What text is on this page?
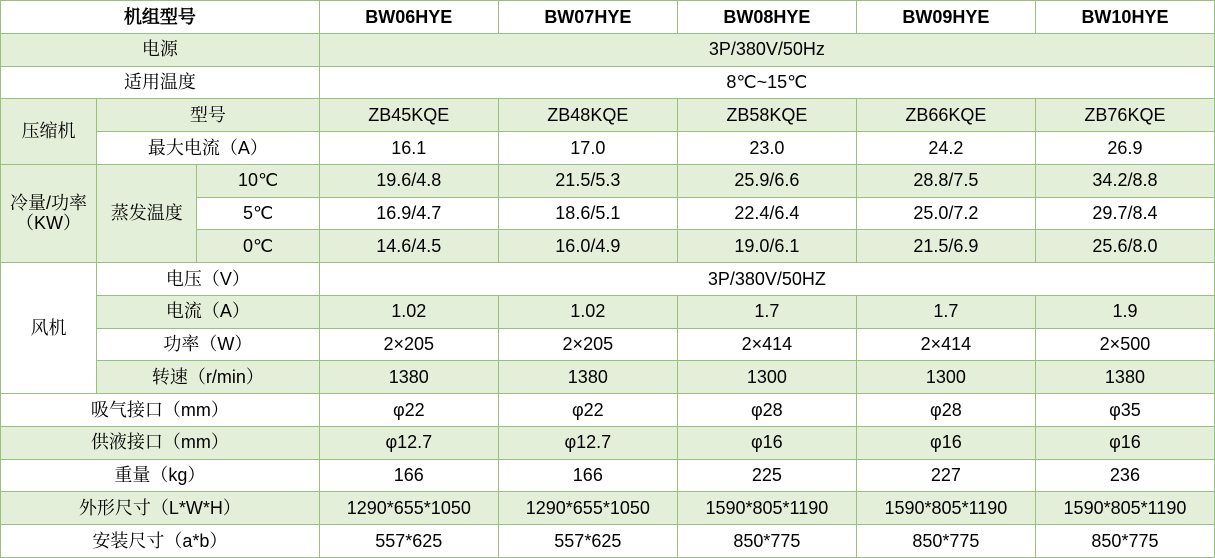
机组型号			BW06HYE	BW07HYE	BW08HYE	BW09HYE	BW10HYE
电源			3P/380V/50Hz				
适用温度			8℃~15℃				
压缩机	型号		ZB45KQE	ZB48KQE	ZB58KQE	ZB66KQE	ZB76KQE
	最大电流（A）		16.1	17.0	23.0	24.2	26.9
冷量/功率（KW）	蒸发温度	10℃	19.6/4.8	21.5/5.3	25.9/6.6	28.8/7.5	34.2/8.8
		5℃	16.9/4.7	18.6/5.1	22.4/6.4	25.0/7.2	29.7/8.4
		0℃	14.6/4.5	16.0/4.9	19.0/6.1	21.5/6.9	25.6/8.0
风机	电压（V）		3P/380V/50HZ				
	电流（A）		1.02	1.02	1.7	1.7	1.9
	功率（W）		2×205	2×205	2×414	2×414	2×500
	转速（r/min）		1380	1380	1300	1300	1380
吸气接口（mm）			φ22	φ22	φ28	φ28	φ35
供液接口（mm）			φ12.7	φ12.7	φ16	φ16	φ16
重量（kg）			166	166	225	227	236
外形尺寸（L*W*H）			1290*655*1050	1290*655*1050	1590*805*1190	1590*805*1190	1590*805*1190
安装尺寸（a*b）			557*625	557*625	850*775	850*775	850*775
